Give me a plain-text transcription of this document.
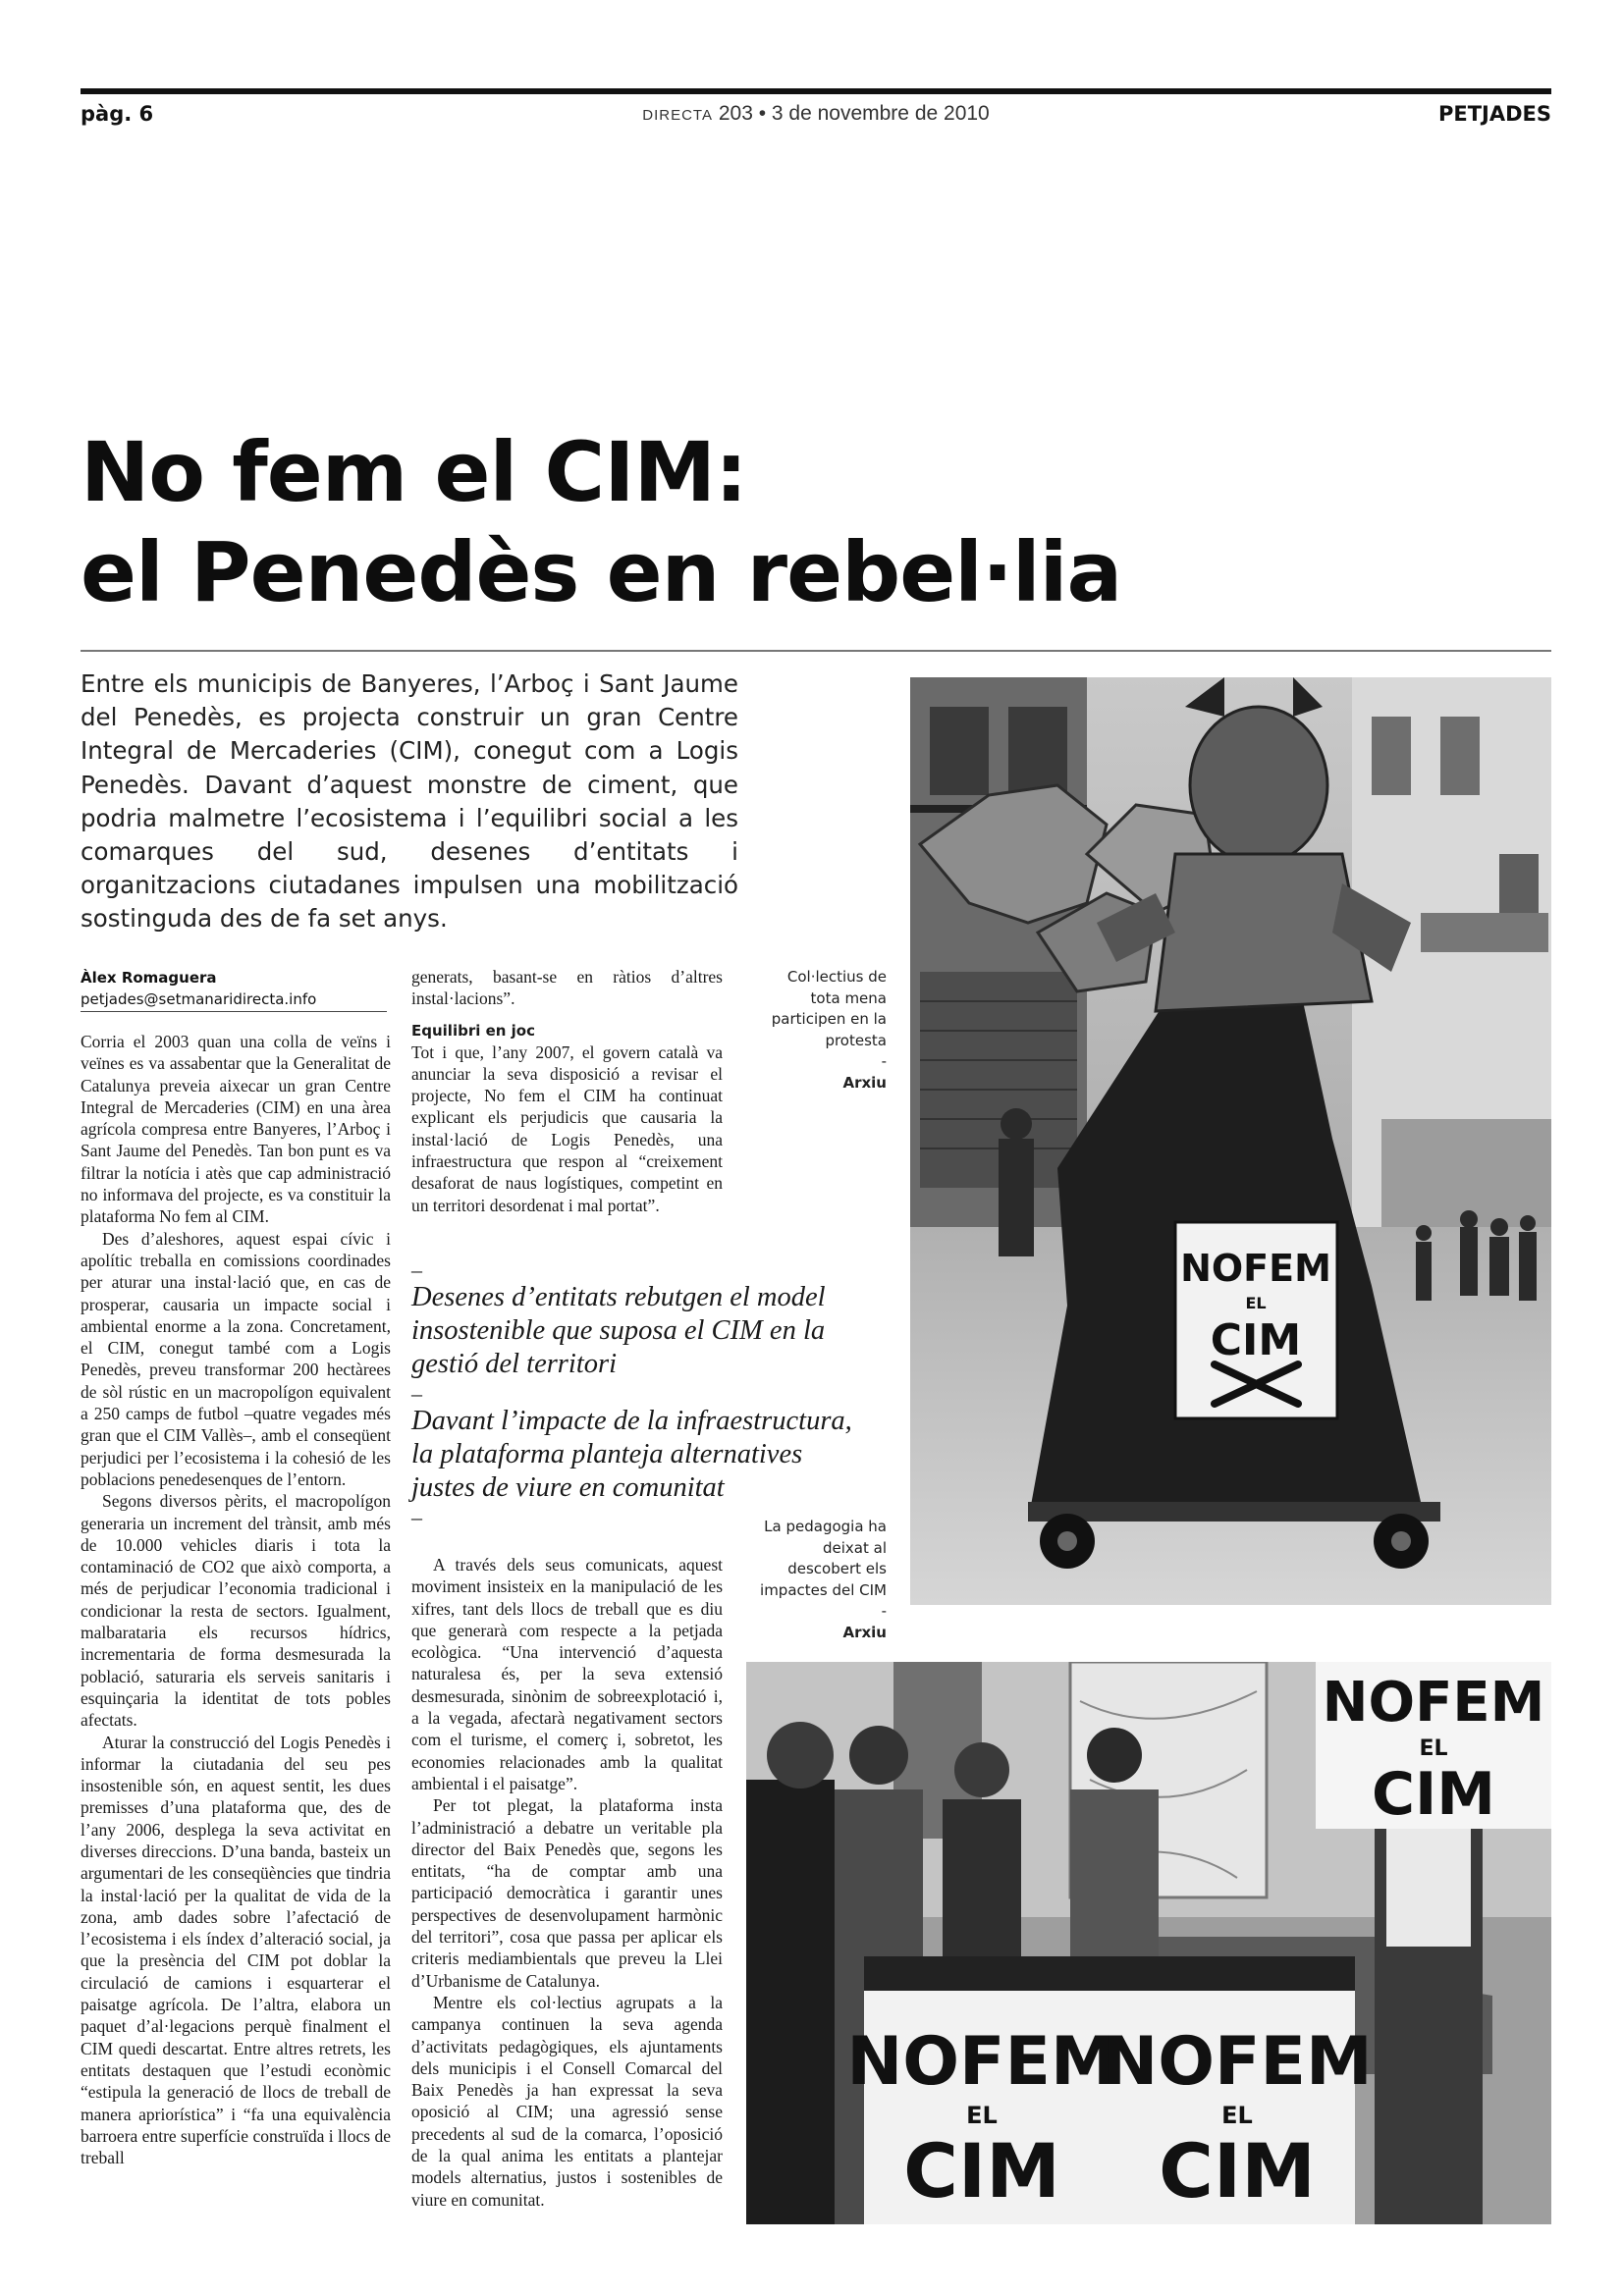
pàg. 6	DIRECTA 203 • 3 de novembre de 2010	PETJADES
No fem el CIM:
el Penedès en rebel·lia
Entre els municipis de Banyeres, l’Arboç i Sant Jaume del Penedès, es projecta construir un gran Centre Integral de Mercaderies (CIM), conegut com a Logis Penedès. Davant d’aquest monstre de ciment, que podria malmetre l’ecosistema i l’equilibri social a les comarques del sud, desenes d’entitats i organitzacions ciutadanes impulsen una mobilització sostinguda des de fa set anys.
Àlex Romaguera
petjades@setmanaridirecta.info

Corria el 2003 quan una colla de veïns i veïnes es va assabentar que la Generalitat de Catalunya preveia aixecar un gran Centre Integral de Mercaderies (CIM) en una àrea agrícola compresa entre Banyeres, l’Arboç i Sant Jaume del Penedès. Tan bon punt es va filtrar la notícia i atès que cap administració no informava del projecte, es va constituir la plataforma No fem al CIM.

Des d’aleshores, aquest espai cívic i apolític treballa en comissions coordinades per aturar una instal·lació que, en cas de prosperar, causaria un impacte social i ambiental enorme a la zona. Concretament, el CIM, conegut també com a Logis Penedès, preveu transformar 200 hectàrees de sòl rústic en un macropolígon equivalent a 250 camps de futbol –quatre vegades més gran que el CIM Vallès–, amb el conseqüent perjudici per l’ecosistema i la cohesió de les poblacions penedesenques de l’entorn.

Segons diversos pèrits, el macropolígon generaria un increment del trànsit, amb més de 10.000 vehicles diaris i tota la contaminació de CO2 que això comporta, a més de perjudicar l’economia tradicional i condicionar la resta de sectors. Igualment, malbarataria els recursos hídrics, incrementaria de forma desmesurada la població, saturaria els serveis sanitaris i esquinçaria la identitat de tots pobles afectats.

Aturar la construcció del Logis Penedès i informar la ciutadania del seu pes insostenible són, en aquest sentit, les dues premisses d’una plataforma que, des de l’any 2006, desplega la seva activitat en diverses direccions. D’una banda, basteix un argumentari de les conseqüències que tindria la instal·lació per la qualitat de vida de la zona, amb dades sobre l’afectació de l’ecosistema i els índex d’alteració social, ja que la presència del CIM pot doblar la circulació de camions i esquarterar el paisatge agrícola. De l’altra, elabora un paquet d’al·legacions perquè finalment el CIM quedi descartat. Entre altres retrets, les entitats destaquen que l’estudi econòmic “estipula la generació de llocs de treball de manera apriorística” i “fa una equivalència barroera entre superfície construïda i llocs de treball

generats, basant-se en ràtios d’altres instal·lacions”.

Equilibri en joc

Tot i que, l’any 2007, el govern català va anunciar la seva disposició a revisar el projecte, No fem el CIM ha continuat explicant els perjudicis que causaria la instal·lació de Logis Penedès, una infraestructura que respon al “creixement desaforat de naus logístiques, competint en un territori desordenat i mal portat”.

–
Desenes d’entitats rebutgen el model insostenible que suposa el CIM en la gestió del territori
–
Davant l’impacte de la infraestructura, la plataforma planteja alternatives justes de viure en comunitat
–

A través dels seus comunicats, aquest moviment insisteix en la manipulació de les xifres, tant dels llocs de treball que es diu que generarà com respecte a la petjada ecològica. “Una intervenció d’aquesta naturalesa és, per la seva extensió desmesurada, sinònim de sobreexplotació i, a la vegada, afectarà negativament sectors com el turisme, el comerç i, sobretot, les economies relacionades amb la qualitat ambiental i el paisatge”.

Per tot plegat, la plataforma insta l’administració a debatre un veritable pla director del Baix Penedès que, segons les entitats, “ha de comptar amb una participació democràtica i garantir unes perspectives de desenvolupament harmònic del territori”, cosa que passa per aplicar els criteris mediambientals que preveu la Llei d’Urbanisme de Catalunya.

Mentre els col·lectius agrupats a la campanya continuen la seva agenda d’activitats pedagògiques, els ajuntaments dels municipis i el Consell Comarcal del Baix Penedès ja han expressat la seva oposició al CIM; una agressió sense precedents al sud de la comarca, l’oposició de la qual anima les entitats a plantejar models alternatius, justos i sostenibles de viure en comunitat.

Col·lectius de tota mena participen en la protesta
-
Arxiu
La pedagogia ha deixat al descobert els impactes del CIM
-
Arxiu
NOFEM
EL
CIM
NOFEM
EL
CIM
NOFEM
EL
CIM
NOFEM
EL
CIM
